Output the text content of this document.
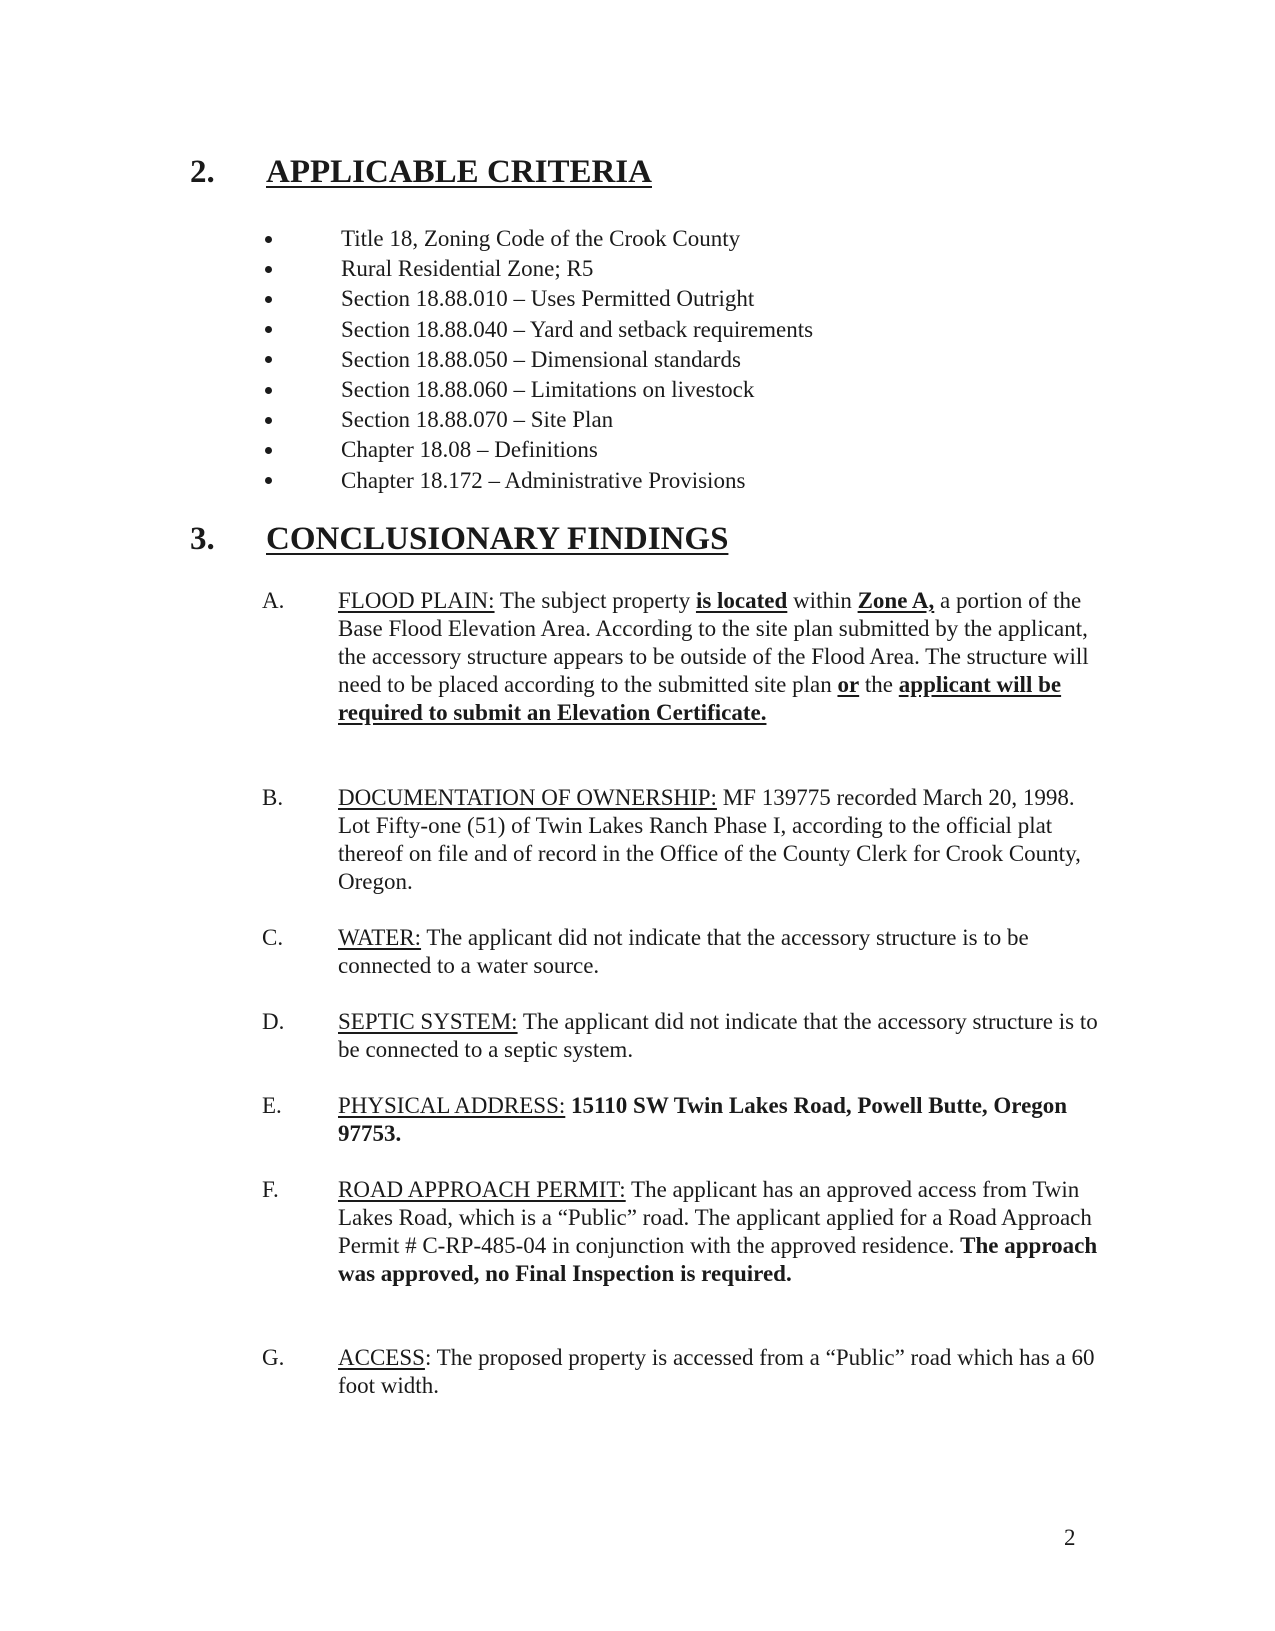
2.	APPLICABLE CRITERIA
Title 18, Zoning Code of the Crook County
Rural Residential Zone; R5
Section 18.88.010 – Uses Permitted Outright
Section 18.88.040 – Yard and setback requirements
Section 18.88.050 – Dimensional standards
Section 18.88.060 – Limitations on livestock
Section 18.88.070 – Site Plan
Chapter 18.08 – Definitions
Chapter 18.172 – Administrative Provisions
3.	CONCLUSIONARY FINDINGS
A.	FLOOD PLAIN: The subject property is located within Zone A, a portion of the Base Flood Elevation Area. According to the site plan submitted by the applicant, the accessory structure appears to be outside of the Flood Area. The structure will need to be placed according to the submitted site plan or the applicant will be required to submit an Elevation Certificate.
B.	DOCUMENTATION OF OWNERSHIP: MF 139775 recorded March 20, 1998. Lot Fifty-one (51) of Twin Lakes Ranch Phase I, according to the official plat thereof on file and of record in the Office of the County Clerk for Crook County, Oregon.
C.	WATER: The applicant did not indicate that the accessory structure is to be connected to a water source.
D.	SEPTIC SYSTEM: The applicant did not indicate that the accessory structure is to be connected to a septic system.
E.	PHYSICAL ADDRESS: 15110 SW Twin Lakes Road, Powell Butte, Oregon 97753.
F.	ROAD APPROACH PERMIT: The applicant has an approved access from Twin Lakes Road, which is a “Public” road. The applicant applied for a Road Approach Permit # C-RP-485-04 in conjunction with the approved residence. The approach was approved, no Final Inspection is required.
G.	ACCESS: The proposed property is accessed from a “Public” road which has a 60 foot width.
2
